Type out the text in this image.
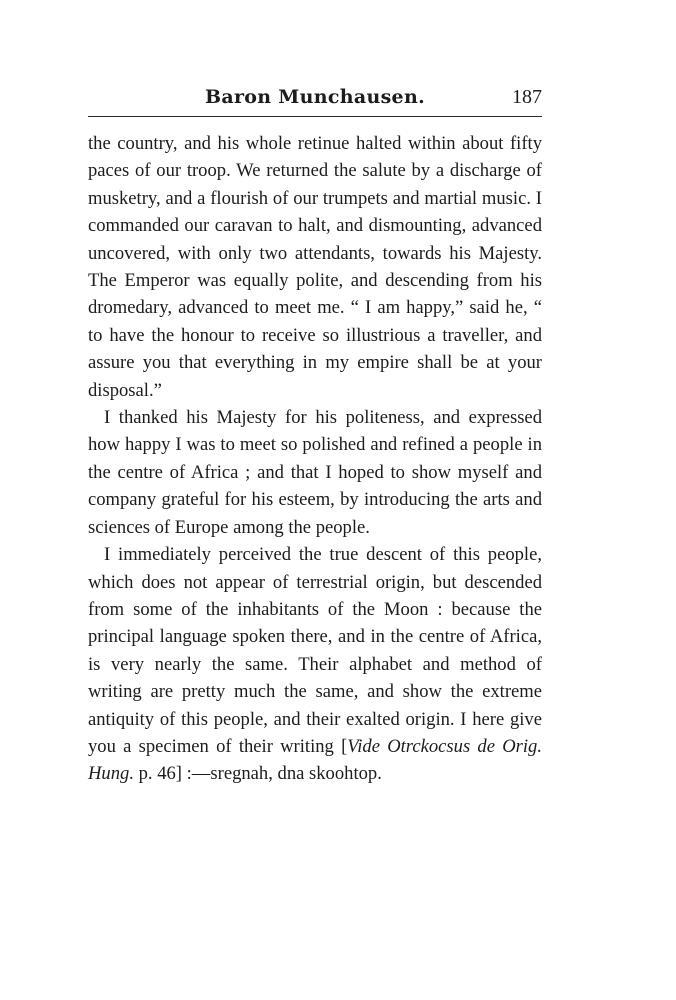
Baron Munchausen.	187

the country, and his whole retinue halted within about fifty paces of our troop. We returned the salute by a discharge of musketry, and a flourish of our trumpets and martial music. I commanded our caravan to halt, and dismounting, advanced uncovered, with only two attendants, towards his Majesty. The Emperor was equally polite, and descending from his dromedary, advanced to meet me. “ I am happy,” said he, “ to have the honour to receive so illustrious a traveller, and assure you that everything in my empire shall be at your disposal.”

I thanked his Majesty for his politeness, and expressed how happy I was to meet so polished and refined a people in the centre of Africa ; and that I hoped to show myself and company grateful for his esteem, by introducing the arts and sciences of Europe among the people.

I immediately perceived the true descent of this people, which does not appear of terrestrial origin, but descended from some of the inhabitants of the Moon : because the principal language spoken there, and in the centre of Africa, is very nearly the same. Their alphabet and method of writing are pretty much the same, and show the extreme antiquity of this people, and their exalted origin. I here give you a specimen of their writing [Vide Otrckocsus de Orig. Hung. p. 46] :—sregnah, dna skoohtop.
